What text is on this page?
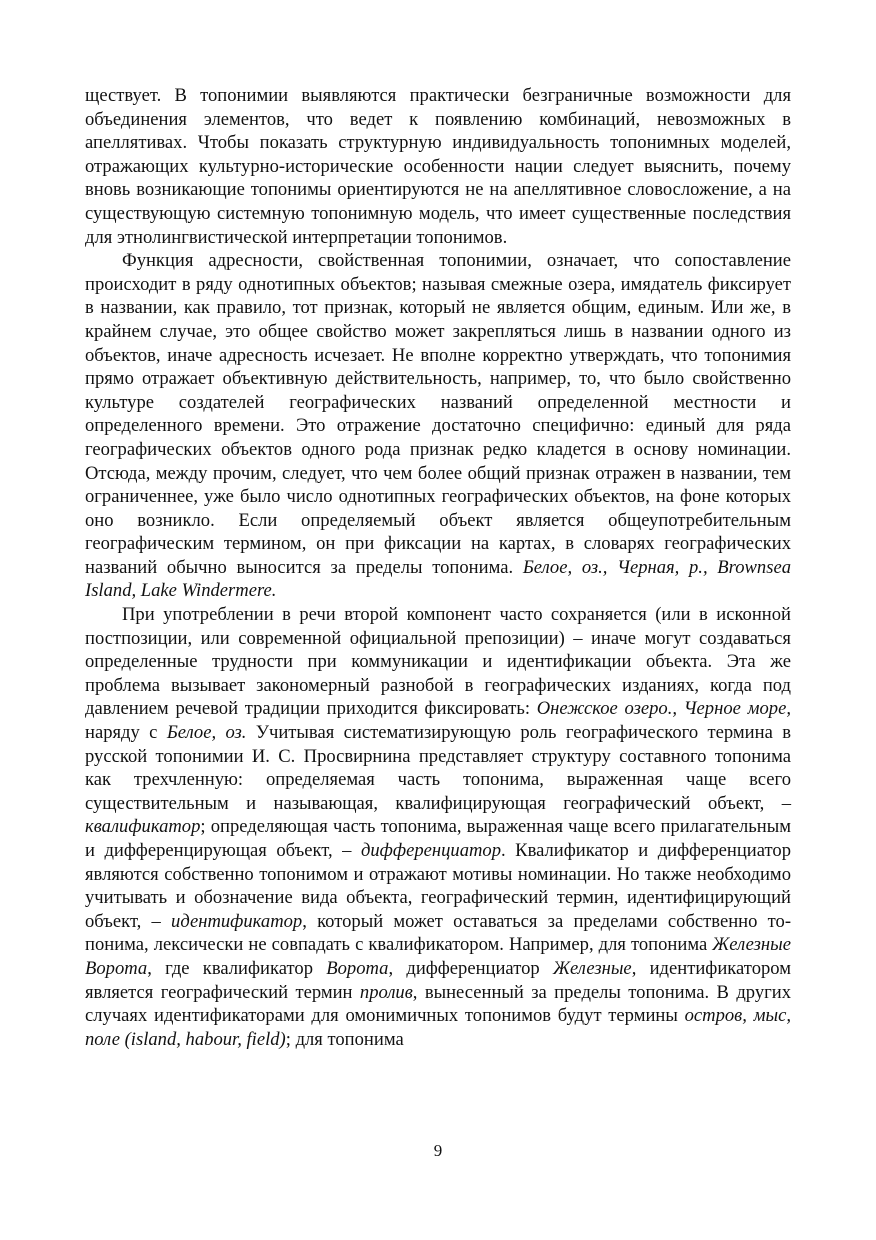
ществует. В топонимии выявляются практически безграничные возможности для объединения элементов, что ведет к появлению комбинаций, невозможных в апеллятивах. Чтобы показать структурную индивидуальность топонимных моделей, отражающих культурно-исторические особенности нации следует выяснить, почему вновь возникающие топонимы ориентируются не на апеллятивное словосложение, а на существующую системную топонимную модель, что имеет существенные последствия для этнолингвистической интерпретации топонимов.

Функция адресности, свойственная топонимии, означает, что сопоставление происходит в ряду однотипных объектов; называя смежные озера, имядатель фиксирует в названии, как правило, тот признак, который не является общим, единым. Или же, в крайнем случае, это общее свойство может закрепляться лишь в названии одного из объектов, иначе адресность исчезает. Не вполне корректно утверждать, что топонимия прямо отражает объективную действительность, например, то, что было свойственно культуре создателей географических названий определенной местности и определенного времени. Это отражение достаточно специфично: единый для ряда географических объектов одного рода признак редко кладется в основу номинации. Отсюда, между прочим, следует, что чем более общий признак отражен в названии, тем ограниченнее, уже было число однотипных географических объектов, на фоне которых оно возникло. Если определяемый объект является общеупотребительным географическим термином, он при фиксации на картах, в словарях географических названий обычно выносится за пределы топонима. Белое, оз., Черная, р., Brownsea Island, Lake Windermere.

При употреблении в речи второй компонент часто сохраняется (или в исконной постпозиции, или современной официальной препозиции) – иначе могут создаваться определенные трудности при коммуникации и идентификации объекта. Эта же проблема вызывает закономерный разнобой в географических изданиях, когда под давлением речевой традиции приходится фиксировать: Онежское озеро., Черное море, наряду с Белое, оз. Учитывая систематизирующую роль географического термина в русской топонимии И. С. Просвирнина представляет структуру составного топонима как трехчленную: определяемая часть топонима, выраженная чаще всего существительным и называющая, квалифицирующая географический объект, – квалификатор; определяющая часть топонима, выраженная чаще всего прилагательным и дифференцирующая объект, – дифференциатор. Квалификатор и дифференциатор являются собственно топонимом и отражают мотивы номинации. Но также необходимо учитывать и обозначение вида объекта, географический термин, идентифицирующий объект, – идентификатор, который может оставаться за пределами собственно топонима, лексически не совпадать с квалификатором. Например, для топонима Железные Ворота, где квалификатор Ворота, дифференциатор Железные, идентификатором является географический термин пролив, вынесенный за пределы топонима. В других случаях идентификаторами для омонимичных топонимов будут термины остров, мыс, поле (island, habour, field); для топонима

9
